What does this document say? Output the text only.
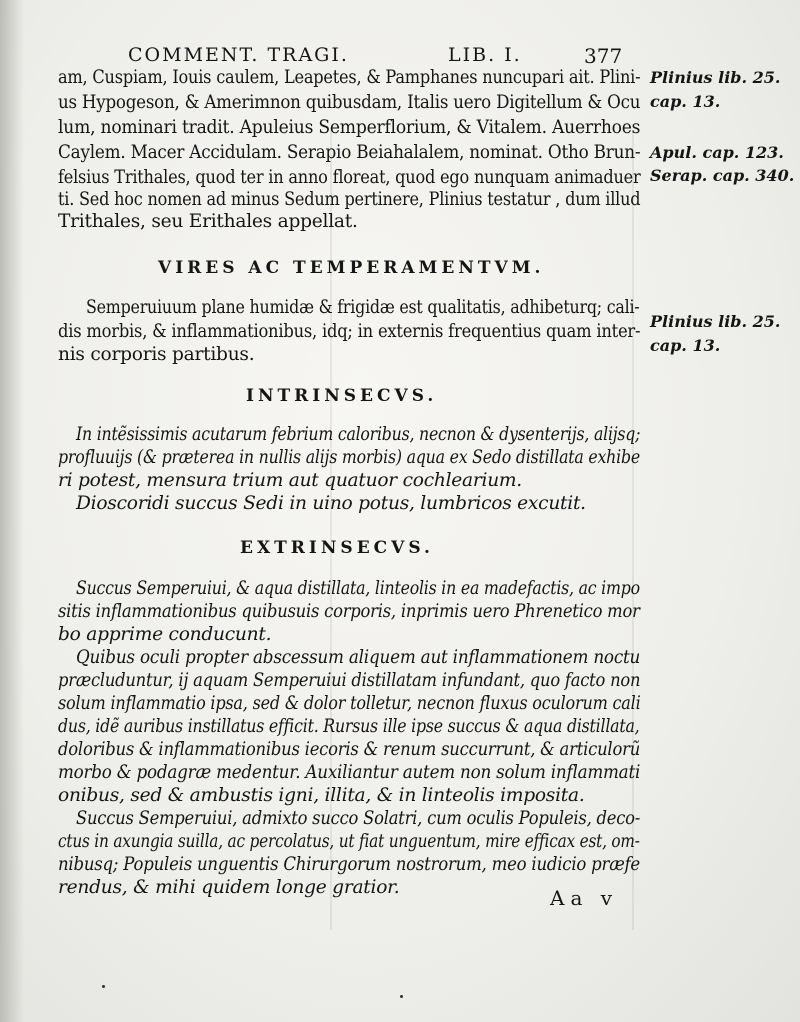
COMMENT. TRAGI.	LIB. I.	377
am, Cuspiam, Iouis caulem, Leapetes, & Pamphanes nuncupari ait. Plini-
us Hypogeson, & Amerimnon quibusdam, Italis uero Digitellum & Ocu
lum, nominari tradit. Apuleius Semperflorium, & Vitalem. Auerrhoes
Caylem. Macer Accidulam. Serapio Beiahalalem, nominat. Otho Brun-
felsius Trithales, quod ter in anno floreat, quod ego nunquam animaduer
ti. Sed hoc nomen ad minus Sedum pertinere, Plinius testatur , dum illud
Trithales, seu Erithales appellat.
Plinius lib. 25.
cap. 13.
Apul. cap. 123.
Serap. cap. 340.
Plinius lib. 25.
cap. 13.
VIRES AC TEMPERAMENTVM.
Semperuiuum plane humidæ & frigidæ est qualitatis, adhibeturq; cali-
dis morbis, & inflammationibus, idq; in externis frequentius quam inter-
nis corporis partibus.
INTRINSECVS.
In intẽsissimis acutarum febrium caloribus, necnon & dysenterijs, alijsq;
profluuijs (& præterea in nullis alijs morbis) aqua ex Sedo distillata exhibe
ri potest, mensura trium aut quatuor cochlearium.
Dioscoridi succus Sedi in uino potus, lumbricos excutit.
EXTRINSECVS.
Succus Semperuiui, & aqua distillata, linteolis in ea madefactis, ac impo
sitis inflammationibus quibusuis corporis, inprimis uero Phrenetico mor
bo apprime conducunt.
Quibus oculi propter abscessum aliquem aut inflammationem noctu
præcluduntur, ij aquam Semperuiui distillatam infundant, quo facto non
solum inflammatio ipsa, sed & dolor tolletur, necnon fluxus oculorum cali
dus, idẽ auribus instillatus efficit. Rursus ille ipse succus & aqua distillata,
doloribus & inflammationibus iecoris & renum succurrunt, & articulorũ
morbo & podagræ medentur. Auxiliantur autem non solum inflammati
onibus, sed & ambustis igni, illita, & in linteolis imposita.
Succus Semperuiui, admixto succo Solatri, cum oculis Populeis, deco-
ctus in axungia suilla, ac percolatus, ut fiat unguentum, mire efficax est, om-
nibusq; Populeis unguentis Chirurgorum nostrorum, meo iudicio præfe
rendus, & mihi quidem longe gratior.	Aa v
